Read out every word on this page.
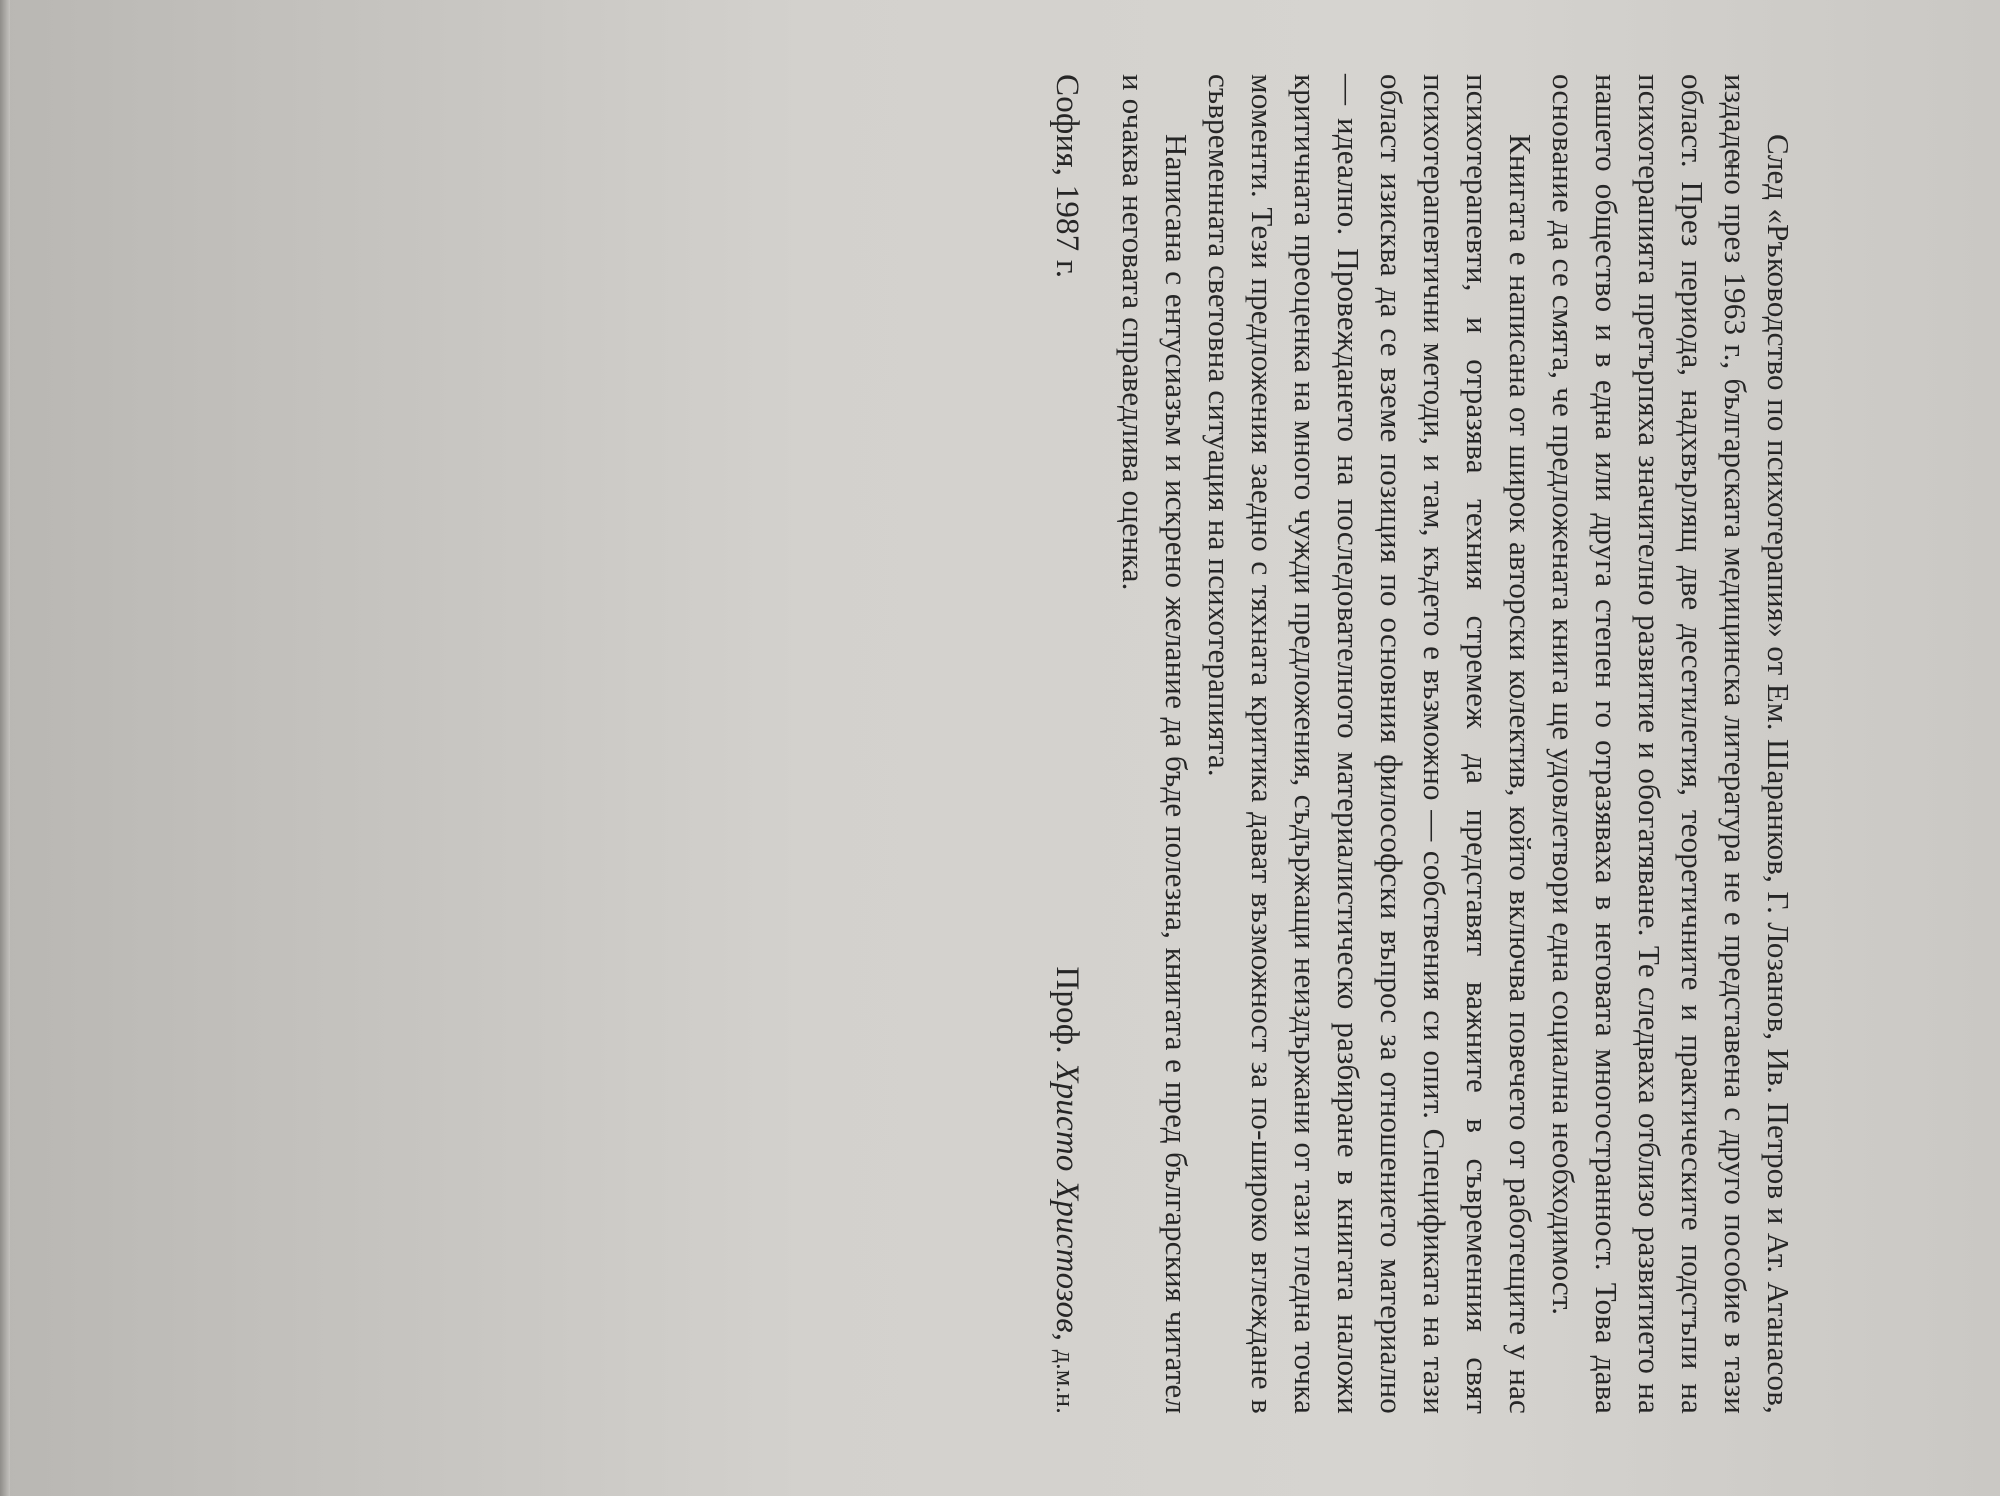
След «Ръководство по психотерапия» от Ем. Шаранков, Г. Лозанов, Ив. Петров и Ат. Атанасов, издадено през 1963 г., българската медицинска литература не е представена с друго пособие в тази област. През периода, надхвърлящ две десетилетия, теоретичните и практическите подстъпи на психотерапията претърпяха значително развитие и обогатяване. Те следваха отблизо развитието на нашето общество и в една или друга степен го отразяваха в неговата многостранност. Това дава основание да се смята, че предложената книга ще удовлетвори една социална необходимост.

Книгата е написана от широк авторски колектив, който включва повечето от работещите у нас психотерапевти, и отразява техния стремеж да представят важните в съвременния свят психотерапевтични методи, и там, където е възможно — собствения си опит. Спецификата на тази област изисква да се вземе позиция по основния философски въпрос за отношението материално — идеално. Провеждането на последователното материалистическо разбиране в книгата наложи критичната преоценка на много чужди предложения, съдържащи неиздържани от тази гледна точка моменти. Тези предложения заедно с тяхната критика дават възможност за по-широко вглеждане в съвременната световна ситуация на психотерапията.

Написана с ентусиазъм и искрено желание да бъде полезна, книгата е пред българския читател и очаква неговата справедлива оценка.

София, 1987 г.
Проф. Христо Христозов, д.м.н.
